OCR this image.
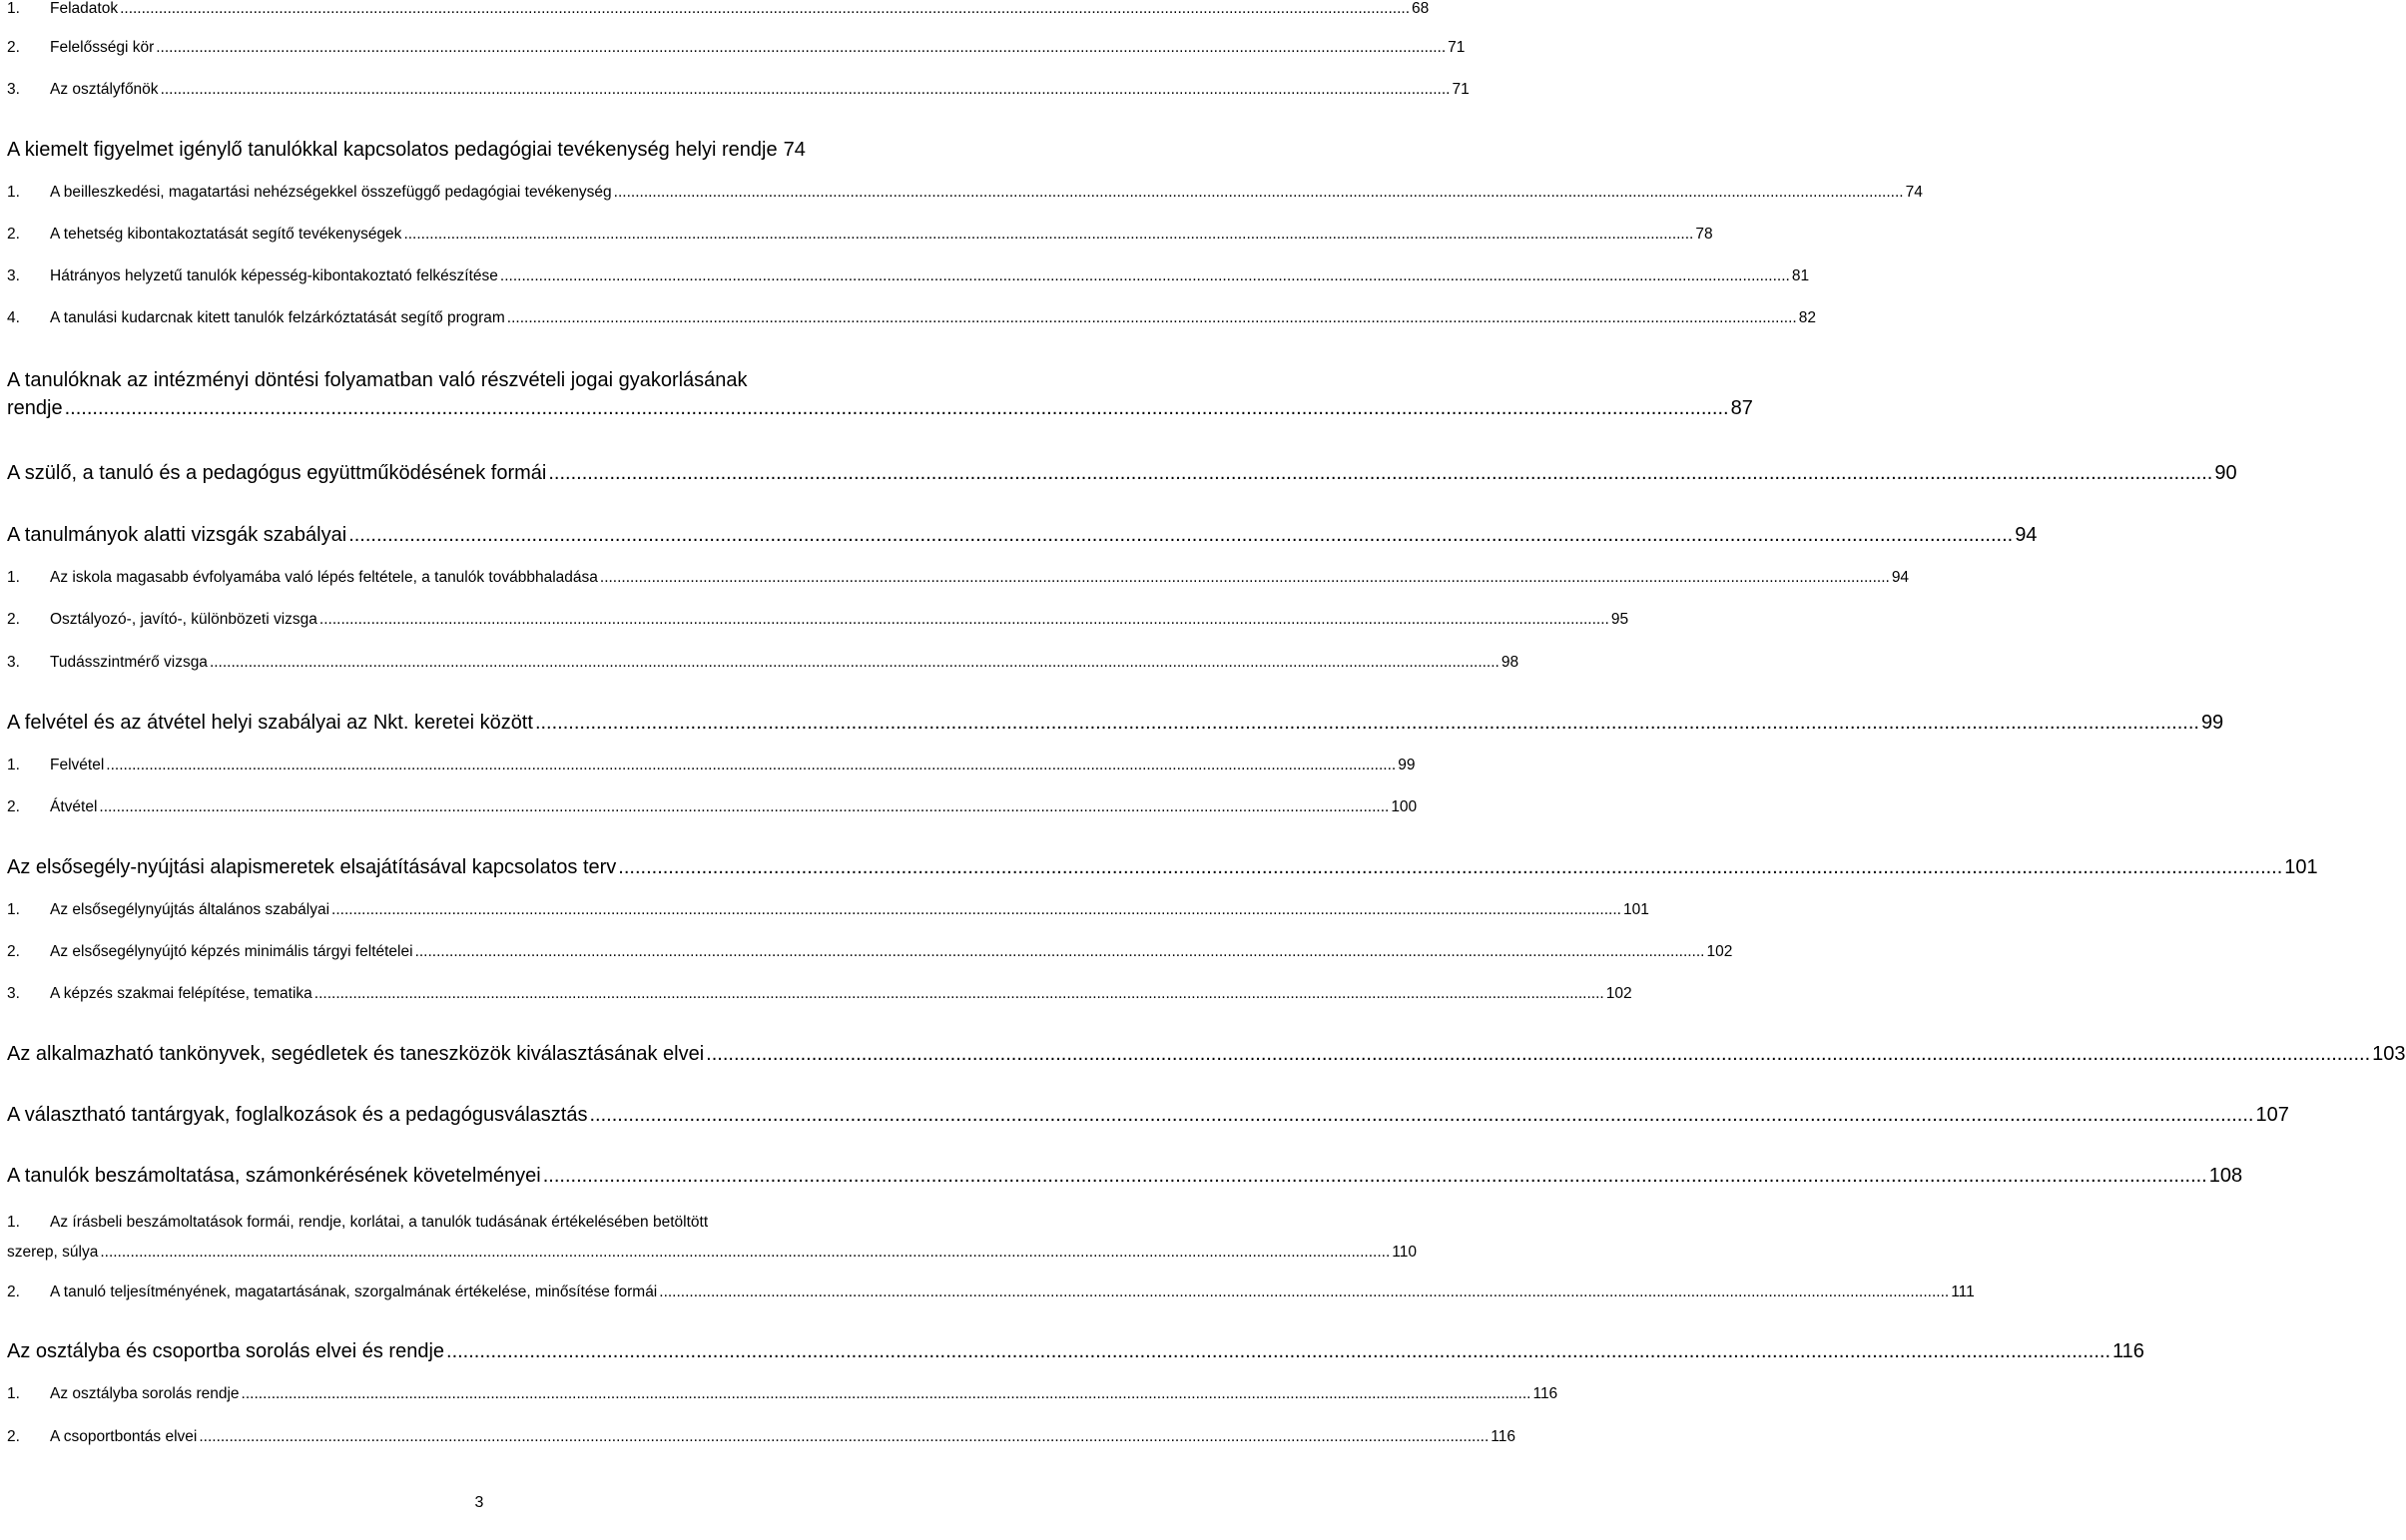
1.	Feladatok .....	68
2.	Felelősségi kör .....	71
3.	Az osztályfőnök .....	71
A kiemelt figyelmet igénylő tanulókkal kapcsolatos pedagógiai tevékenység helyi rendje 74
1.	A beilleszkedési, magatartási nehézségekkel összefüggő pedagógiai tevékenység .....	74
2.	A tehetség kibontakoztatását segítő tevékenységek .....	78
3.	Hátrányos helyzetű tanulók képesség-kibontakoztató felkészítése .....	81
4.	A tanulási kudarcnak kitett tanulók felzárkóztatását segítő program .....	82
A tanulóknak az intézményi döntési folyamatban való részvételi jogai gyakorlásának
rendje .....	87
A szülő, a tanuló és a pedagógus együttműködésének formái .....	90
A tanulmányok alatti vizsgák szabályai .....	94
1.	Az iskola magasabb évfolyamába való lépés feltétele, a tanulók továbbhaladása .....	94
2.	Osztályozó-, javító-, különbözeti vizsga .....	95
3.	Tudásszintmérő vizsga .....	98
A felvétel és az átvétel helyi szabályai az Nkt. keretei között .....	99
1.	Felvétel .....	99
2.	Átvétel .....	100
Az elsősegély-nyújtási alapismeretek elsajátításával kapcsolatos terv .....	101
1.	Az elsősegélynyújtás általános szabályai .....	101
2.	Az elsősegélynyújtó képzés minimális tárgyi feltételei .....	102
3.	A képzés szakmai felépítése, tematika .....	102
Az alkalmazható tankönyvek, segédletek és taneszközök kiválasztásának elvei .....	103
A választható tantárgyak, foglalkozások és a pedagógusválasztás .....	107
A tanulók beszámoltatása, számonkérésének követelményei .....	108
1.	Az írásbeli beszámoltatások formái, rendje, korlátai, a tanulók tudásának értékelésében betöltött
szerep, súlya .....	110
2.	A tanuló teljesítményének, magatartásának, szorgalmának értékelése, minősítése formái .....	111
Az osztályba és csoportba sorolás elvei és rendje .....	116
1.	Az osztályba sorolás rendje .....	116
2.	A csoportbontás elvei .....	116
3
